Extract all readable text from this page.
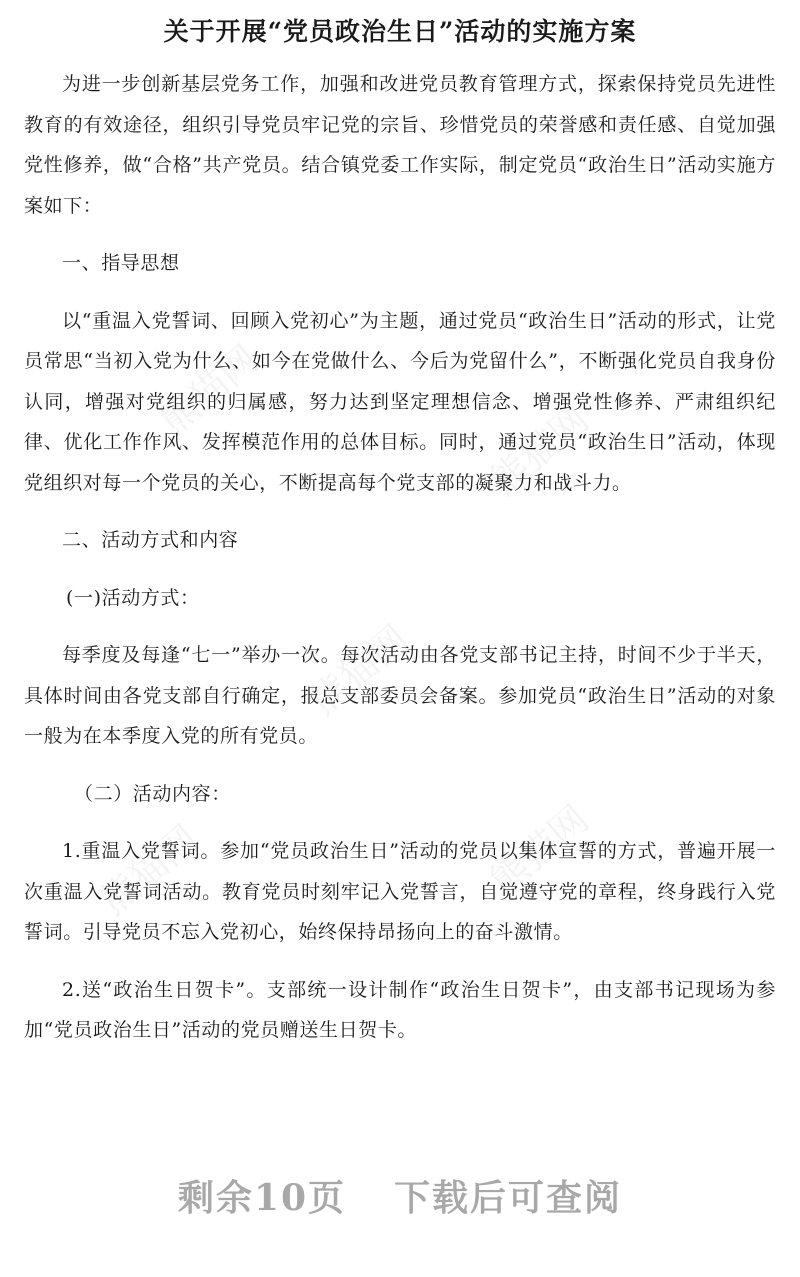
熊猫网
熊猫网
熊猫网
熊猫网	熊猫网
关于开展“党员政治生日”活动的实施方案

为进一步创新基层党务工作，加强和改进党员教育管理方式，探索保持党员先进性教育的有效途径，组织引导党员牢记党的宗旨、珍惜党员的荣誉感和责任感、自觉加强党性修养，做“合格”共产党员。结合镇党委工作实际，制定党员“政治生日”活动实施方案如下：

一、指导思想

以“重温入党誓词、回顾入党初心”为主题，通过党员“政治生日”活动的形式，让党员常思“当初入党为什么、如今在党做什么、今后为党留什么”，不断强化党员自我身份认同，增强对党组织的归属感，努力达到坚定理想信念、增强党性修养、严肃组织纪律、优化工作作风、发挥模范作用的总体目标。同时，通过党员“政治生日”活动，体现党组织对每一个党员的关心，不断提高每个党支部的凝聚力和战斗力。

二、活动方式和内容

(一)活动方式：

每季度及每逢“七一”举办一次。每次活动由各党支部书记主持，时间不少于半天，具体时间由各党支部自行确定，报总支部委员会备案。参加党员“政治生日”活动的对象一般为在本季度入党的所有党员。

（二）活动内容：

1.重温入党誓词。参加“党员政治生日”活动的党员以集体宣誓的方式，普遍开展一次重温入党誓词活动。教育党员时刻牢记入党誓言，自觉遵守党的章程，终身践行入党誓词。引导党员不忘入党初心，始终保持昂扬向上的奋斗激情。

2.送“政治生日贺卡”。支部统一设计制作“政治生日贺卡”，由支部书记现场为参加“党员政治生日”活动的党员赠送生日贺卡。

剩余10页 下载后可查阅
